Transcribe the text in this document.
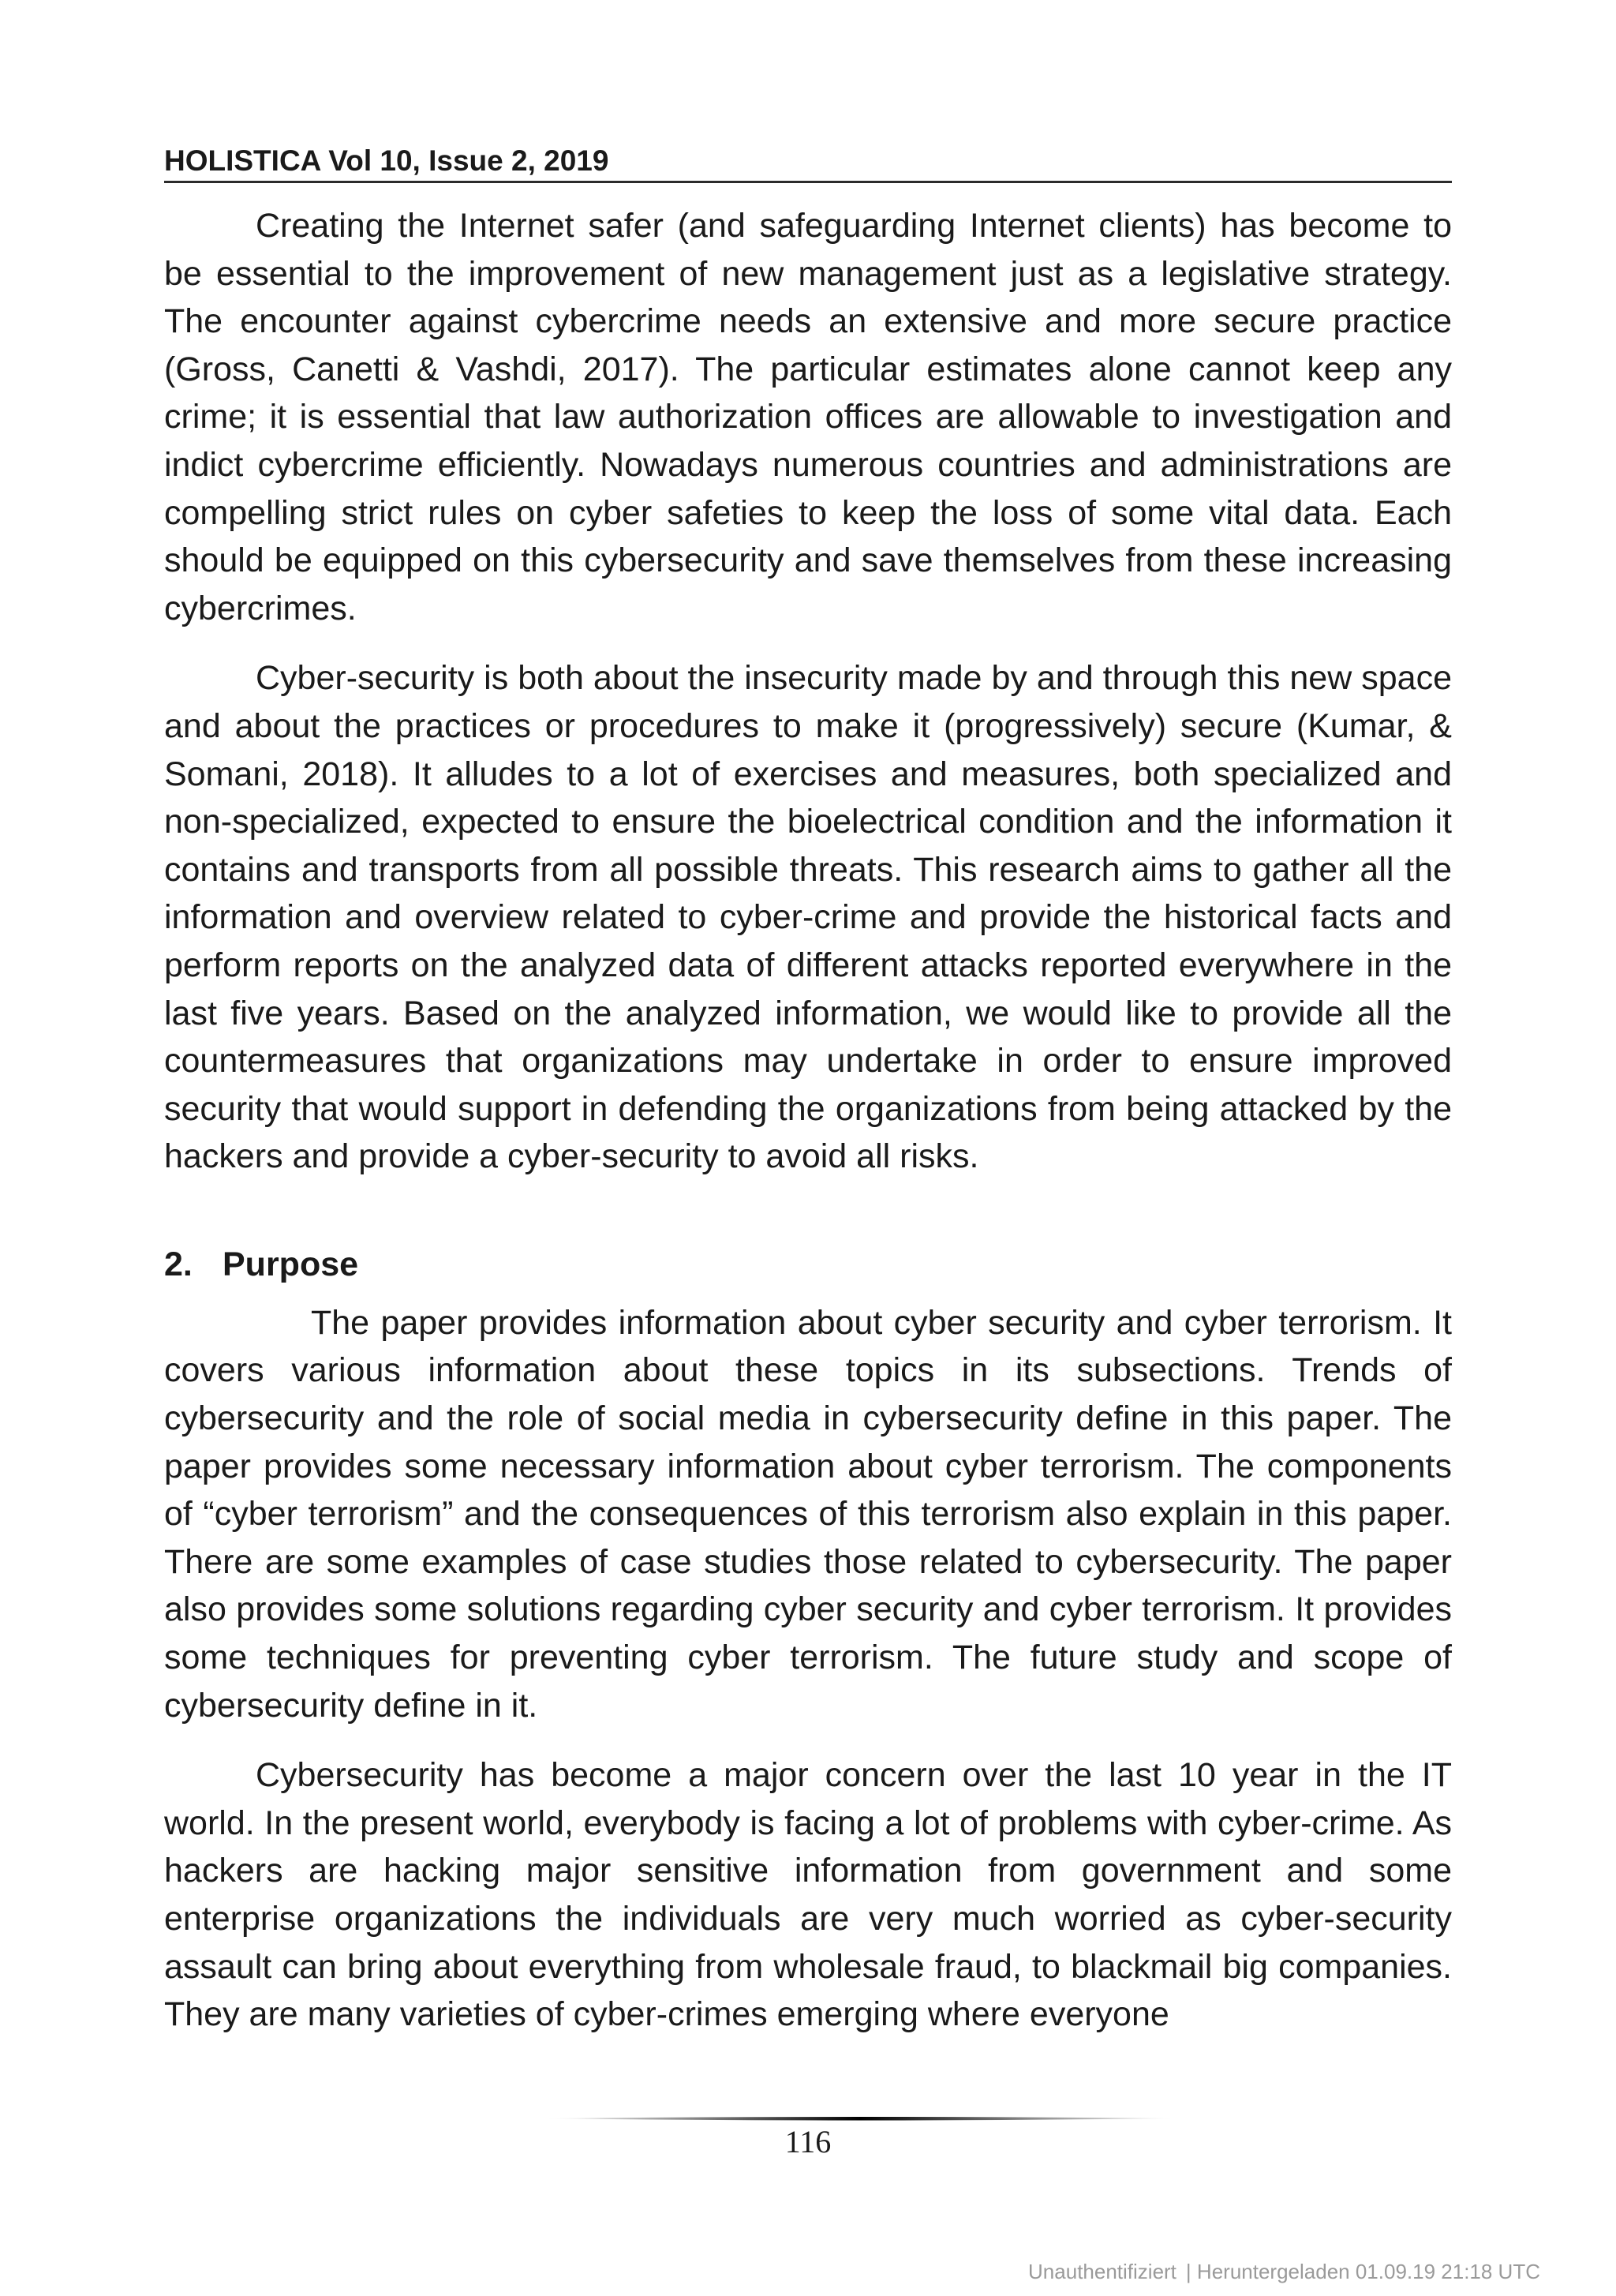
HOLISTICA Vol 10, Issue 2, 2019

Creating the Internet safer (and safeguarding Internet clients) has become to be essential to the improvement of new management just as a legislative strategy. The encounter against cybercrime needs an extensive and more secure practice (Gross, Canetti & Vashdi, 2017). The particular estimates alone cannot keep any crime; it is essential that law authorization offices are allowable to investigation and indict cybercrime efficiently. Nowadays numerous countries and administrations are compelling strict rules on cyber safeties to keep the loss of some vital data. Each should be equipped on this cybersecurity and save themselves from these increasing cybercrimes.

Cyber-security is both about the insecurity made by and through this new space and about the practices or procedures to make it (progressively) secure (Kumar, & Somani, 2018). It alludes to a lot of exercises and measures, both specialized and non-specialized, expected to ensure the bioelectrical condition and the information it contains and transports from all possible threats. This research aims to gather all the information and overview related to cyber-crime and provide the historical facts and perform reports on the analyzed data of different attacks reported everywhere in the last five years. Based on the analyzed information, we would like to provide all the countermeasures that organizations may undertake in order to ensure improved security that would support in defending the organizations from being attacked by the hackers and provide a cyber-security to avoid all risks.

2. Purpose

The paper provides information about cyber security and cyber terrorism. It covers various information about these topics in its subsections. Trends of cybersecurity and the role of social media in cybersecurity define in this paper. The paper provides some necessary information about cyber terrorism. The components of “cyber terrorism” and the consequences of this terrorism also explain in this paper. There are some examples of case studies those related to cybersecurity. The paper also provides some solutions regarding cyber security and cyber terrorism. It provides some techniques for preventing cyber terrorism. The future study and scope of cybersecurity define in it.

Cybersecurity has become a major concern over the last 10 year in the IT world. In the present world, everybody is facing a lot of problems with cyber-crime. As hackers are hacking major sensitive information from government and some enterprise organizations the individuals are very much worried as cyber-security assault can bring about everything from wholesale fraud, to blackmail big companies. They are many varieties of cyber-crimes emerging where everyone

116
Unauthentifiziert | Heruntergeladen 01.09.19 21:18 UTC
